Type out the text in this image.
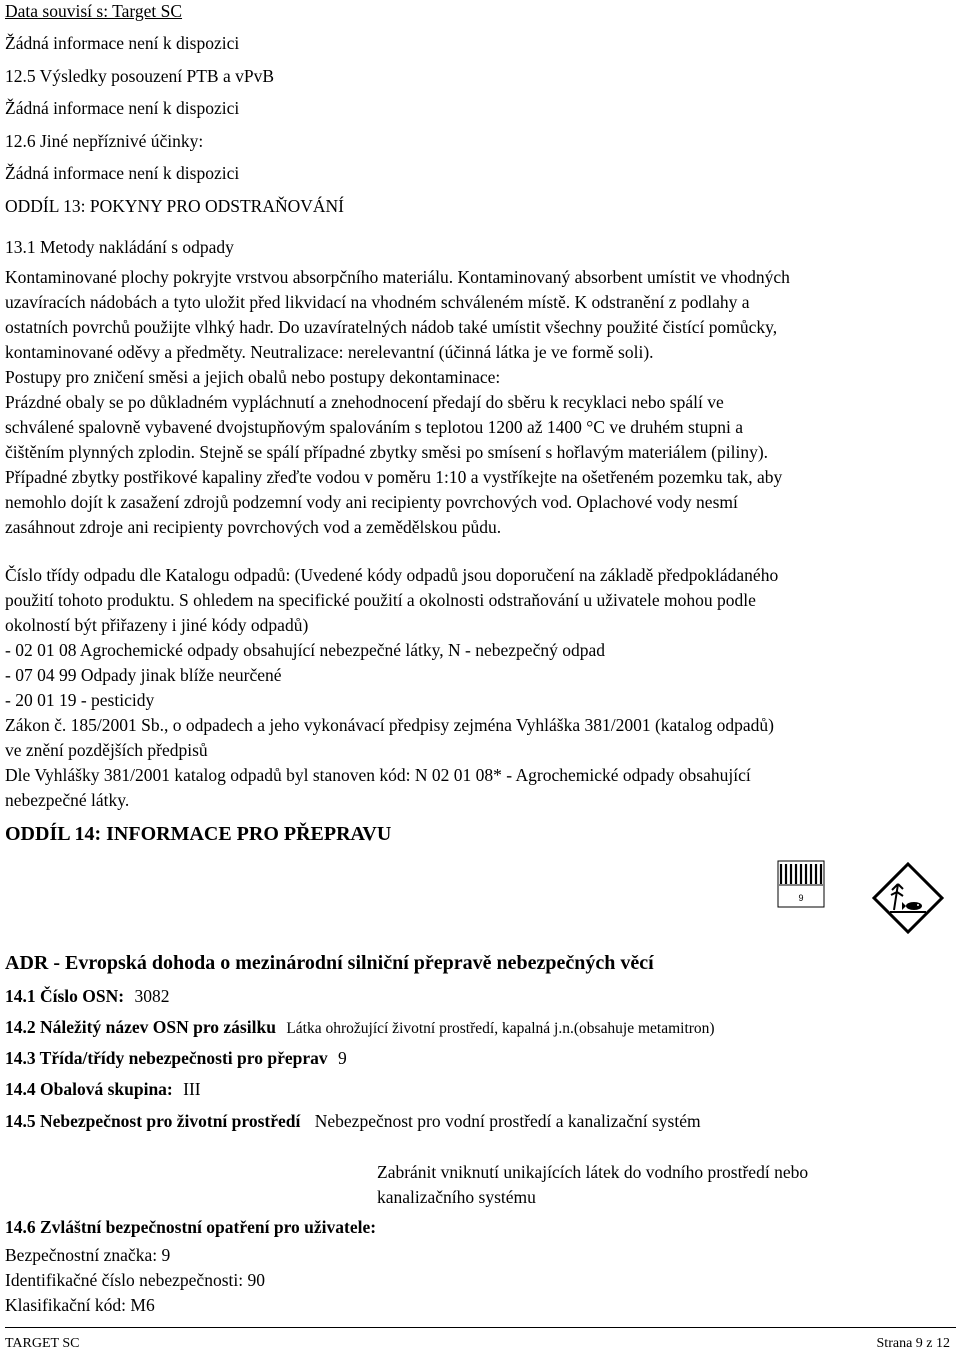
Data souvisí s: Target SC
Žádná informace není k dispozici
12.5 Výsledky posouzení PTB a vPvB
Žádná informace není k dispozici
12.6 Jiné nepříznivé účinky:
Žádná informace není k dispozici
ODDÍL 13: POKYNY PRO ODSTRAŇOVÁNÍ
13.1 Metody nakládání s odpady
Kontaminované plochy pokryjte vrstvou absorpčního materiálu. Kontaminovaný absorbent umístit ve vhodných
uzavíracích nádobách a tyto uložit před likvidací na vhodném schváleném místě. K odstranění z podlahy a
ostatních povrchů použijte vlhký hadr. Do uzavíratelných nádob také umístit všechny použité čistící pomůcky,
kontaminované oděvy a předměty. Neutralizace: nerelevantní (účinná látka je ve formě soli).
Postupy pro zničení směsi a jejich obalů nebo postupy dekontaminace:
Prázdné obaly se po důkladném vypláchnutí a znehodnocení předají do sběru k recyklaci nebo spálí ve
schválené spalovně vybavené dvojstupňovým spalováním s teplotou 1200 až 1400 °C ve druhém stupni a
čištěním plynných zplodin. Stejně se spálí případné zbytky směsi po smísení s hořlavým materiálem (piliny).
Případné zbytky postřikové kapaliny zřeďte vodou v poměru 1:10 a vystříkejte na ošetřeném pozemku tak, aby
nemohlo dojít k zasažení zdrojů podzemní vody ani recipienty povrchových vod. Oplachové vody nesmí
zasáhnout zdroje ani recipienty povrchových vod a zemědělskou půdu.
Číslo třídy odpadu dle Katalogu odpadů: (Uvedené kódy odpadů jsou doporučení na základě předpokládaného
použití tohoto produktu. S ohledem na specifické použití a okolnosti odstraňování u uživatele mohou podle
okolností být přiřazeny i jiné kódy odpadů)
- 02 01 08 Agrochemické odpady obsahující nebezpečné látky, N - nebezpečný odpad
- 07 04 99 Odpady jinak blíže neurčené
- 20 01 19 - pesticidy
Zákon č. 185/2001 Sb., o odpadech a jeho vykonávací předpisy zejména Vyhláška 381/2001 (katalog odpadů)
ve znění pozdějších předpisů
Dle Vyhlášky 381/2001 katalog odpadů byl stanoven kód: N 02 01 08* - Agrochemické odpady obsahující
nebezpečné látky.
ODDÍL 14: INFORMACE PRO PŘEPRAVU
9
ADR - Evropská dohoda o mezinárodní silniční přepravě nebezpečných věcí
14.1 Číslo OSN: 3082
14.2 Náležitý název OSN pro zásilku Látka ohrožující životní prostředí, kapalná j.n.(obsahuje metamitron)
14.3 Třída/třídy nebezpečnosti pro přeprav 9
14.4 Obalová skupina: III
14.5 Nebezpečnost pro životní prostředí Nebezpečnost pro vodní prostředí a kanalizační systém
Zabránit vniknutí unikajících látek do vodního prostředí nebo
kanalizačního systému
14.6 Zvláštní bezpečnostní opatření pro uživatele:
Bezpečnostní značka: 9
Identifikačné číslo nebezpečnosti: 90
Klasifikační kód: M6
TARGET SC	Strana 9 z 12
